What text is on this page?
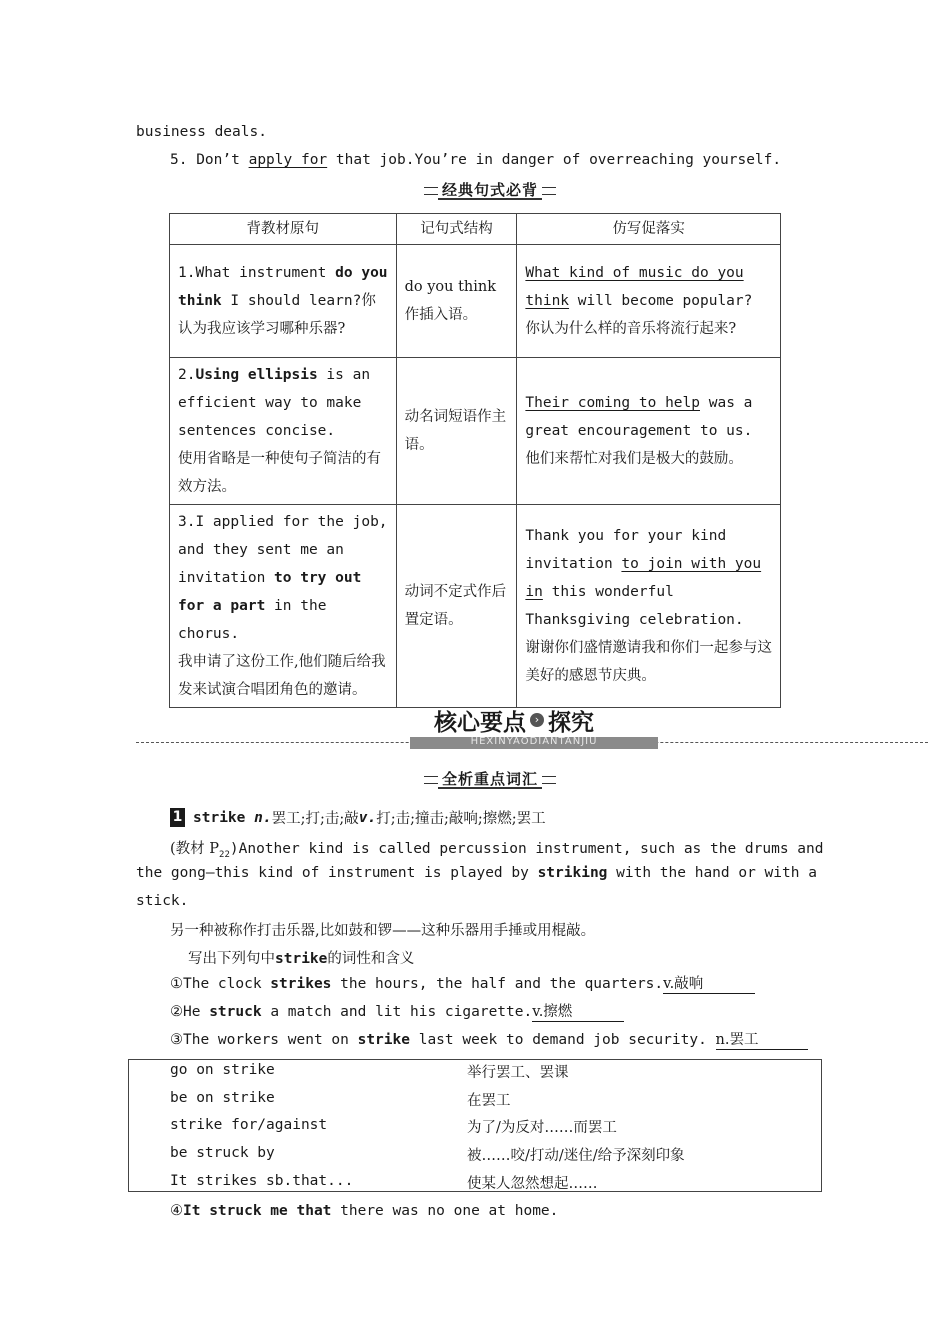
business deals.
5. Don’t apply for that job.You’re in danger of overreaching yourself.
经典句式必背
背教材原句	记句式结构	仿写促落实
1.What instrument do you think I should learn?你认为我应该学习哪种乐器?	do you think 作插入语。	What kind of music do you think will become popular?
你认为什么样的音乐将流行起来?
2.Using ellipsis is an efficient way to make sentences concise.
使用省略是一种使句子简洁的有效方法。	动名词短语作主语。	Their coming to help was a great encouragement to us.
他们来帮忙对我们是极大的鼓励。
3.I applied for the job, and they sent me an invitation to try out for a part in the chorus.
我申请了这份工作,他们随后给我发来试演合唱团角色的邀请。	动词不定式作后置定语。	Thank you for your kind invitation to join with you in this wonderful Thanksgiving celebration.
谢谢你们盛情邀请我和你们一起参与这美好的感恩节庆典。
HEXINYAODIANTANJIU
核心要点 › 探究
全析重点词汇
1 strike
n. 罢工;打;击;敲 v. 打;击;撞击;敲响;擦燃;罢工
(教材 $P_{22})Another$ kind is called percussion instrument, such as the drums and
the gong—this kind of instrument is played by striking with the hand or with a
stick.
另一种被称作打击乐器,比如鼓和锣——这种乐器用手捶或用棍敲。
写出下列句中strike的词性和含义
①The clock strikes the hours, the half and the quarters.v.敲响
②He struck a match and lit his cigarette.v.擦燃
③The workers went on strike last week to demand job security. n.罢工
go on strike	举行罢工、罢课
be on strike	在罢工
strike for/against	为了/为反对……而罢工
be struck by	被……咬/打动/迷住/给予深刻印象
It strikes sb.that...	使某人忽然想起……
④It struck me that there was no one at home.
